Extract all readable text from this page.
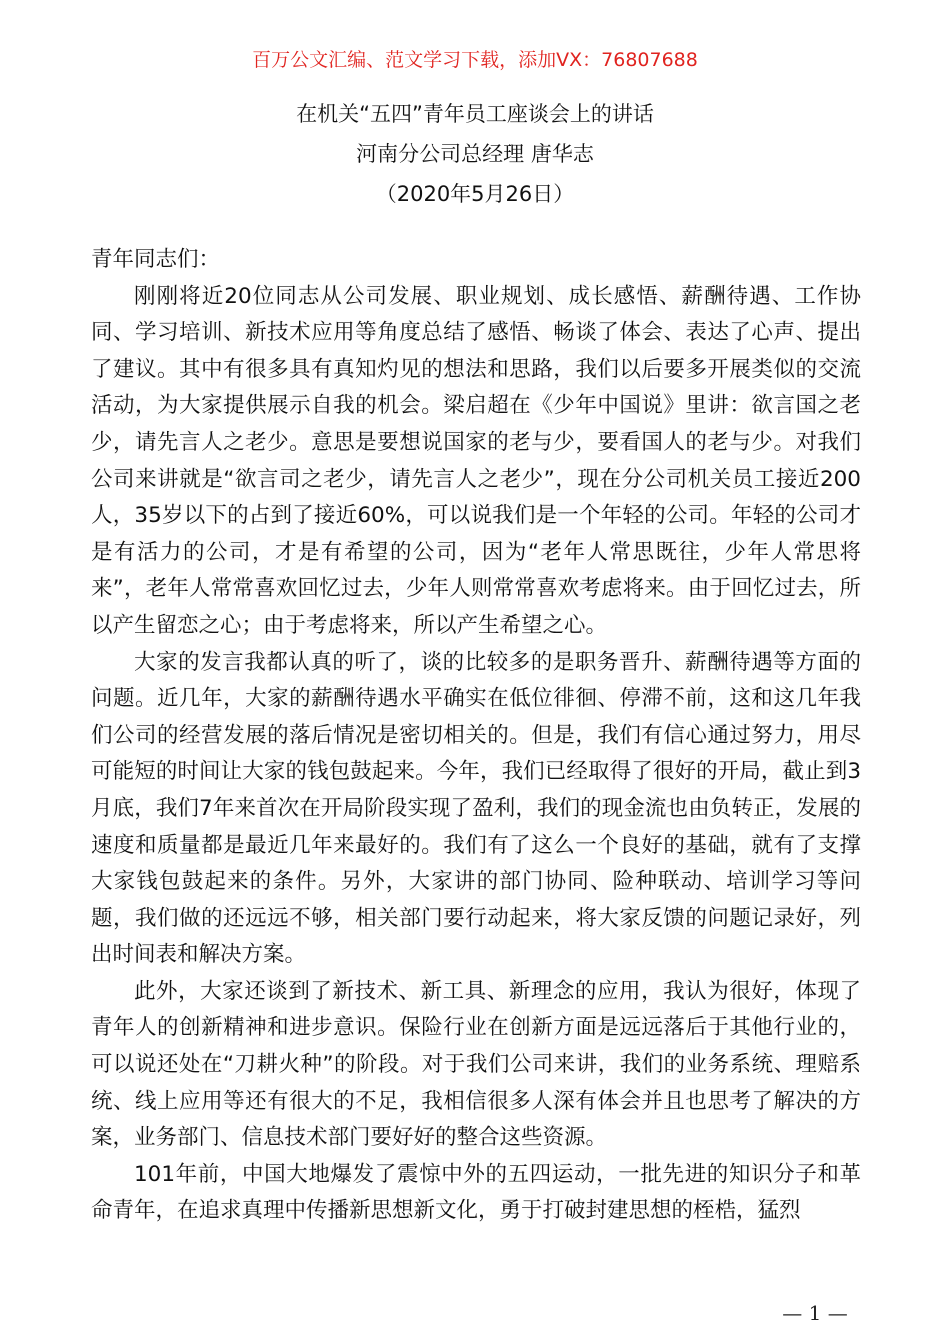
百万公文汇编、范文学习下载，添加VX：76807688
在机关“五四”青年员工座谈会上的讲话
河南分公司总经理 唐华志
（2020年5月26日）

青年同志们：

刚刚将近20位同志从公司发展、职业规划、成长感悟、薪酬待遇、工作协同、学习培训、新技术应用等角度总结了感悟、畅谈了体会、表达了心声、提出了建议。其中有很多具有真知灼见的想法和思路，我们以后要多开展类似的交流活动，为大家提供展示自我的机会。梁启超在《少年中国说》里讲：欲言国之老少，请先言人之老少。意思是要想说国家的老与少，要看国人的老与少。对我们公司来讲就是“欲言司之老少，请先言人之老少”，现在分公司机关员工接近200人，35岁以下的占到了接近60%，可以说我们是一个年轻的公司。年轻的公司才是有活力的公司，才是有希望的公司，因为“老年人常思既往，少年人常思将来”，老年人常常喜欢回忆过去，少年人则常常喜欢考虑将来。由于回忆过去，所以产生留恋之心；由于考虑将来，所以产生希望之心。

大家的发言我都认真的听了，谈的比较多的是职务晋升、薪酬待遇等方面的问题。近几年，大家的薪酬待遇水平确实在低位徘徊、停滞不前，这和这几年我们公司的经营发展的落后情况是密切相关的。但是，我们有信心通过努力，用尽可能短的时间让大家的钱包鼓起来。今年，我们已经取得了很好的开局，截止到3月底，我们7年来首次在开局阶段实现了盈利，我们的现金流也由负转正，发展的速度和质量都是最近几年来最好的。我们有了这么一个良好的基础，就有了支撑大家钱包鼓起来的条件。另外，大家讲的部门协同、险种联动、培训学习等问题，我们做的还远远不够，相关部门要行动起来，将大家反馈的问题记录好，列出时间表和解决方案。

此外，大家还谈到了新技术、新工具、新理念的应用，我认为很好，体现了青年人的创新精神和进步意识。保险行业在创新方面是远远落后于其他行业的，可以说还处在“刀耕火种”的阶段。对于我们公司来讲，我们的业务系统、理赔系统、线上应用等还有很大的不足，我相信很多人深有体会并且也思考了解决的方案，业务部门、信息技术部门要好好的整合这些资源。

101年前，中国大地爆发了震惊中外的五四运动，一批先进的知识分子和革命青年，在追求真理中传播新思想新文化，勇于打破封建思想的桎梏，猛烈

— 1 —
